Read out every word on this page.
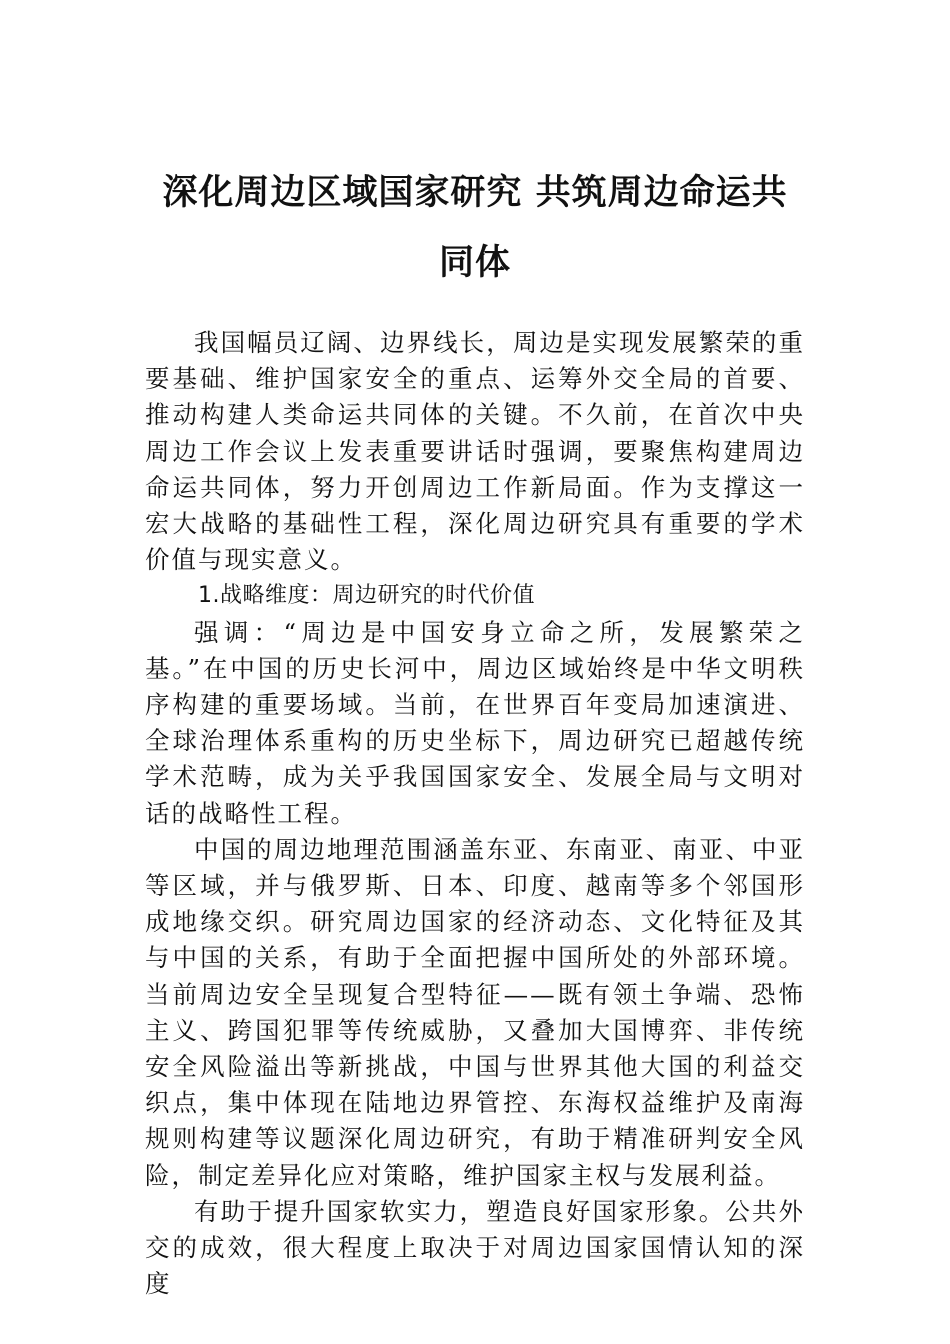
深化周边区域国家研究 共筑周边命运共同体

我国幅员辽阔、边界线长，周边是实现发展繁荣的重要基础、维护国家安全的重点、运筹外交全局的首要、推动构建人类命运共同体的关键。不久前，在首次中央周边工作会议上发表重要讲话时强调，要聚焦构建周边命运共同体，努力开创周边工作新局面。作为支撑这一宏大战略的基础性工程，深化周边研究具有重要的学术价值与现实意义。

1.战略维度：周边研究的时代价值

强调：“周边是中国安身立命之所，发展繁荣之基。”在中国的历史长河中，周边区域始终是中华文明秩序构建的重要场域。当前，在世界百年变局加速演进、全球治理体系重构的历史坐标下，周边研究已超越传统学术范畴，成为关乎我国国家安全、发展全局与文明对话的战略性工程。

中国的周边地理范围涵盖东亚、东南亚、南亚、中亚等区域，并与俄罗斯、日本、印度、越南等多个邻国形成地缘交织。研究周边国家的经济动态、文化特征及其与中国的关系，有助于全面把握中国所处的外部环境。当前周边安全呈现复合型特征——既有领土争端、恐怖主义、跨国犯罪等传统威胁，又叠加大国博弈、非传统安全风险溢出等新挑战，中国与世界其他大国的利益交织点，集中体现在陆地边界管控、东海权益维护及南海规则构建等议题深化周边研究，有助于精准研判安全风险，制定差异化应对策略，维护国家主权与发展利益。

有助于提升国家软实力，塑造良好国家形象。公共外交的成效，很大程度上取决于对周边国家国情认知的深度
